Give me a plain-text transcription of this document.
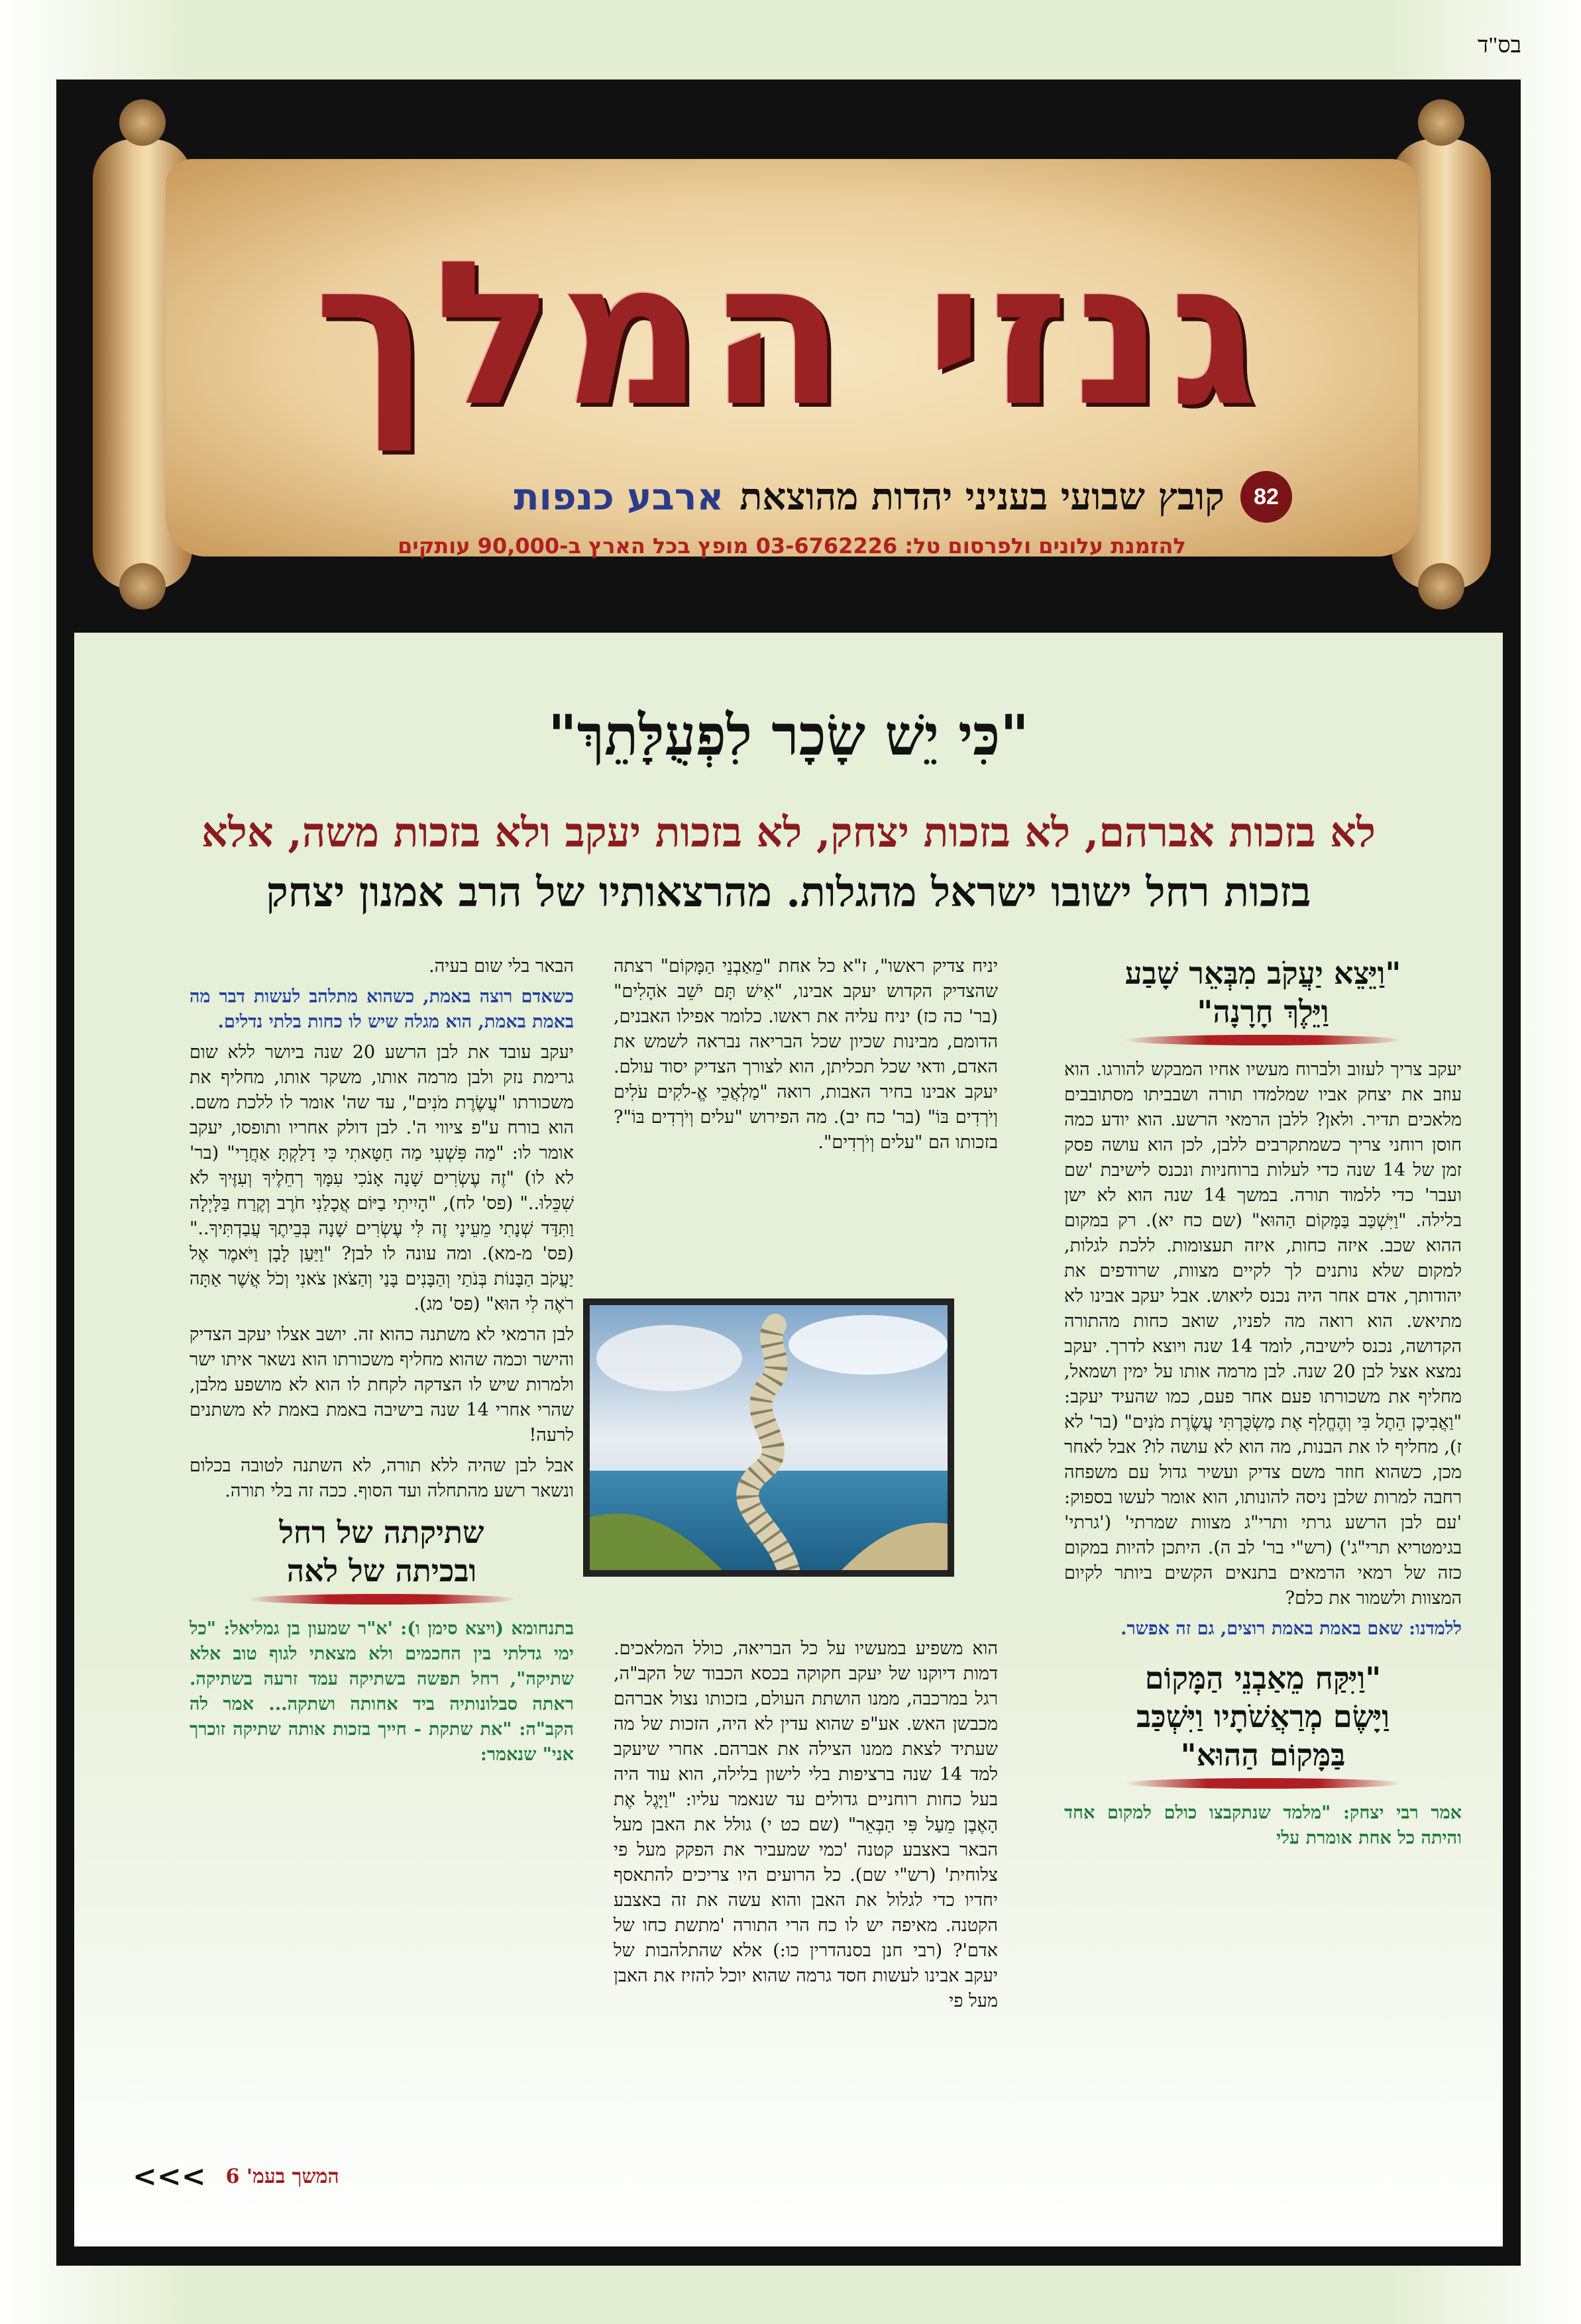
בס"ד
גנזי המלך
82
קובץ שבועי בעניני יהדות מהוצאת
ארבע כנפות
להזמנת עלונים ולפרסום טל: 03-6762226 מופץ בכל הארץ ב-90,000 עותקים
"כִּי יֵשׁ שָׂכָר לִפְעֻלָּתֵךְ"
לא בזכות אברהם, לא בזכות יצחק, לא בזכות יעקב ולא בזכות משה, אלא
בזכות רחל ישובו ישראל מהגלות. מהרצאותיו של הרב אמנון יצחק
"וַיֵּצֵא יַעֲקֹב מִבְּאֵר שָׁבַע
וַיֵּלֶךְ חָרָנָה"

יעקב צריך לעזוב ולברוח מעשיו אחיו המבקש להורגו. הוא עוזב את יצחק אביו שמלמדו תורה ושבביתו מסתובבים מלאכים תדיר. ולאן? ללבן הרמאי הרשע. הוא יודע כמה חוסן רוחני צריך כשמתקרבים ללבן, לכן הוא עושה פסק זמן של 14 שנה כדי לעלות ברוחניות ונכנס לישיבת 'שם ועבר' כדי ללמוד תורה. במשך 14 שנה הוא לא ישן בלילה. "וַיִּשְׁכַּב בַּמָּקוֹם הַהוּא" (שם כח יא). רק במקום ההוא שכב. איזה כחות, איזה תעצומות. ללכת לגלות, למקום שלא נותנים לך לקיים מצוות, שרודפים את יהודותך, אדם אחר היה נכנס ליאוש. אבל יעקב אבינו לא מתיאש. הוא רואה מה לפניו, שואב כחות מהתורה הקדושה, נכנס לישיבה, לומד 14 שנה ויוצא לדרך. יעקב נמצא אצל לבן 20 שנה. לבן מרמה אותו על ימין ושמאל, מחליף את משכורתו פעם אחר פעם, כמו שהעיד יעקב: "וַאֲבִיכֶן הֵתֶל בִּי וְהֶחֱלִף אֶת מַשְׂכֻּרְתִּי עֲשֶׂרֶת מֹנִים" (בר' לא ז), מחליף לו את הבנות, מה הוא לא עושה לו? אבל לאחר מכן, כשהוא חוזר משם צדיק ועשיר גדול עם משפחה רחבה למרות שלבן ניסה להונותו, הוא אומר לעשו בספוק: 'עם לבן הרשע גרתי ותרי"ג מצוות שמרתי' ('גרתי' בגימטריא תרי"ג') (רש"י בר' לב ה). היתכן להיות במקום כזה של רמאי הרמאים בתנאים הקשים ביותר לקיום המצוות ולשמור את כלם?

ללמדנו: שאם באמת באמת רוצים, גם זה אפשר.

"וַיִּקַּח מֵאַבְנֵי הַמָּקוֹם
וַיָּשֶׂם מְרַאֲשֹׁתָיו וַיִּשְׁכַּב
בַּמָּקוֹם הַהוּא"

אמר רבי יצחק: "מלמד שנתקבצו כולם למקום אחד והיתה כל אחת אומרת עלי

יניח צדיק ראשו", ז"א כל אחת "מֵאַבְנֵי הַמָּקוֹם" רצתה שהצדיק הקדוש יעקב אבינו, "אִישׁ תָּם יֹשֵׁב אֹהָלִים" (בר' כה כז) יניח עליה את ראשו. כלומר אפילו האבנים, הדומם, מבינות שכיון שכל הבריאה נבראה לשמש את האדם, ודאי שכל תכליתן, הוא לצורך הצדיק יסוד עולם. יעקב אבינו בחיר האבות, רואה "מַלְאֲכֵי אֱ-לֹקִים עֹלִים וְיֹרְדִים בּוֹ" (בר' כח יב). מה הפירוש "עלים וְיֹרְדִים בּוֹ"? בזכותו הם "עלים וְיֹרְדִים".

הוא משפיע במעשיו על כל הבריאה, כולל המלאכים. דמות דיוקנו של יעקב חקוקה בכסא הכבוד של הקב"ה, רגל במרכבה, ממנו הושתת העולם, בזכותו נצול אברהם מכבשן האש. אע"פ שהוא עדין לא היה, הזכות של מה שעתיד לצאת ממנו הצילה את אברהם. אחרי שיעקב למד 14 שנה ברציפות בלי לישון בלילה, הוא עוד היה בעל כחות רוחניים גדולים עד שנאמר עליו: "וַיָּגֶל אֶת הָאֶבֶן מֵעַל פִּי הַבְּאֵר" (שם כט י) גולל את האבן מעל הבאר באצבע קטנה 'כמי שמעביר את הפקק מעל פי צלוחית' (רש"י שם). כל הרועים היו צריכים להתאסף יחדיו כדי לגלול את האבן והוא עשה את זה באצבע הקטנה. מאיפה יש לו כח הרי התורה 'מתשת כחו של אדם'? (רבי חנן בסנהדרין כו:) אלא שהתלהבות של יעקב אבינו לעשות חסד גרמה שהוא יוכל להזיז את האבן מעל פי

הבאר בלי שום בעיה.

כשאדם רוצה באמת, כשהוא מתלהב לעשות דבר מה באמת באמת, הוא מגלה שיש לו כחות בלתי נדלים.

יעקב עובד את לבן הרשע 20 שנה ביושר ללא שום גרימת נזק ולבן מרמה אותו, משקר אותו, מחליף את משכורתו "עֲשֶׂרֶת מֹנִים", עד שה' אומר לו ללכת משם. הוא בורח ע"פ ציווי ה'. לבן דולק אחריו ותופסו, יעקב אומר לו: "מַה פִּשְׁעִי מַה חַטָּאתִי כִּי דָלַקְתָּ אַחֲרָי" (בר' לא לו) "זֶה עֶשְׂרִים שָׁנָה אָנֹכִי עִמָּךְ רְחֵלֶיךָ וְעִזֶּיךָ לֹא שִׁכֵּלוּ.." (פס' לח), "הָיִיתִי בַיּוֹם אֲכָלַנִי חֹרֶב וְקֶרַח בַּלָּיְלָה וַתִּדַּד שְׁנָתִי מֵעֵינָי זֶה לִּי עֶשְׂרִים שָׁנָה בְּבֵיתֶךָ עֲבַדְתִּיךָ.." (פס' מ-מא). ומה עונה לו לבן? "וַיַּעַן לָבָן וַיֹּאמֶר אֶל יַעֲקֹב הַבָּנוֹת בְּנֹתַי וְהַבָּנִים בָּנַי וְהַצֹּאן צֹאנִי וְכֹל אֲשֶׁר אַתָּה רֹאֶה לִי הוּא" (פס' מג).

לבן הרמאי לא משתנה כהוא זה. יושב אצלו יעקב הצדיק והישר וכמה שהוא מחליף משכורתו הוא נשאר איתו ישר ולמרות שיש לו הצדקה לקחת לו הוא לא מושפע מלבן, שהרי אחרי 14 שנה בישיבה באמת באמת לא משתנים לרעה!

אבל לבן שהיה ללא תורה, לא השתנה לטובה בכלום ונשאר רשע מהתחלה ועד הסוף. ככה זה בלי תורה.

שתיקתה של רחל
ובכיתה של לאה

בתנחומא (ויצא סימן ו): 'א"ר שמעון בן גמליאל: "כל ימי גדלתי בין החכמים ולא מצאתי לגוף טוב אלא שתיקה", רחל תפשה בשתיקה עמד זרעה בשתיקה. ראתה סבלונותיה ביד אחותה ושתקה... אמר לה הקב"ה: "את שתקת - חייך בזכות אותה שתיקה זוכרך אני" שנאמר:

המשך בעמ' 6
<<<
